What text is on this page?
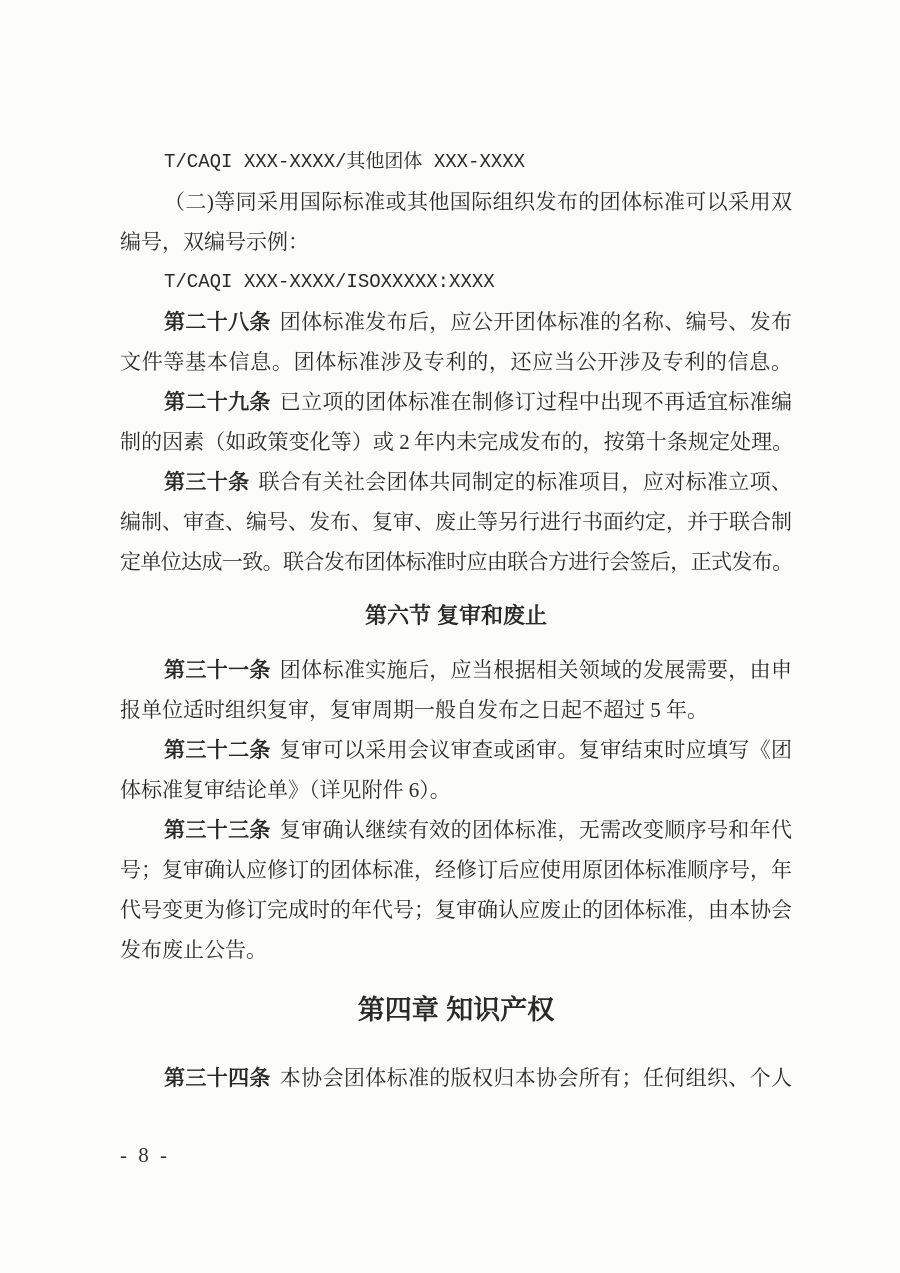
T/CAQI XXX-XXXX/其他团体 XXX-XXXX
（二)等同采用国际标准或其他国际组织发布的团体标准可以采用双
编号，双编号示例：
T/CAQI XXX-XXXX/ISOXXXXX:XXXX
第二十八条 团体标准发布后，应公开团体标准的名称、编号、发布
文件等基本信息。团体标准涉及专利的，还应当公开涉及专利的信息。
第二十九条 已立项的团体标准在制修订过程中出现不再适宜标准编
制的因素（如政策变化等）或 2 年内未完成发布的，按第十条规定处理。
第三十条 联合有关社会团体共同制定的标准项目，应对标准立项、
编制、审查、编号、发布、复审、废止等另行进行书面约定，并于联合制
定单位达成一致。联合发布团体标准时应由联合方进行会签后，正式发布。
第六节 复审和废止
第三十一条 团体标准实施后，应当根据相关领域的发展需要，由申
报单位适时组织复审，复审周期一般自发布之日起不超过 5 年。
第三十二条 复审可以采用会议审查或函审。复审结束时应填写《团
体标准复审结论单》（详见附件 6）。
第三十三条 复审确认继续有效的团体标准，无需改变顺序号和年代
号；复审确认应修订的团体标准，经修订后应使用原团体标准顺序号，年
代号变更为修订完成时的年代号；复审确认应废止的团体标准，由本协会
发布废止公告。
第四章 知识产权
第三十四条 本协会团体标准的版权归本协会所有；任何组织、个人
- 8 -
